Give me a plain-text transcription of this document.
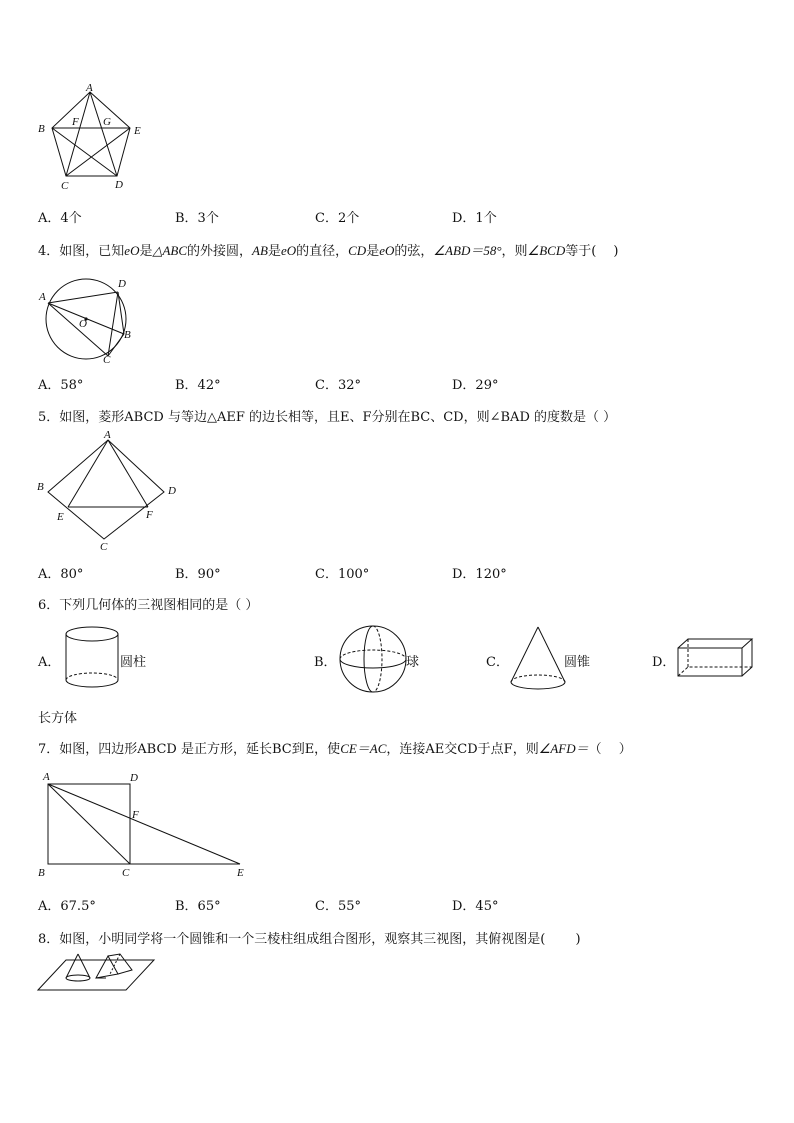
A
B
F G
E
C	D
A．4个	B．3个	C．2个	D．1个
4．如图，已知eO是△ABC的外接圆，AB是eO的直径，CD是eO的弦，∠ABD＝58°，则∠BCD等于(　 )
A
D
O
B
C
A．58°	B．42°	C．32°	D．29°
5．如图，菱形ABCD 与等边△AEF 的边长相等，且E、F分别在BC、CD，则∠BAD 的度数是（ ）
A
B	D
E	F
C
A．80°	B．90°	C．100°	D．120°
6．下列几何体的三视图相同的是（ ）
A．	圆柱	B．	球	C．	圆锥	D．
长方体
7．如图，四边形ABCD 是正方形，延长BC到E，使CE＝AC，连接AE交CD于点F，则∠AFD＝（　 ）
A	D
F
B	C	E
A．67.5°	B．65°	C．55°	D．45°
8．如图，小明同学将一个圆锥和一个三棱柱组成组合图形，观察其三视图，其俯视图是(　 　)
